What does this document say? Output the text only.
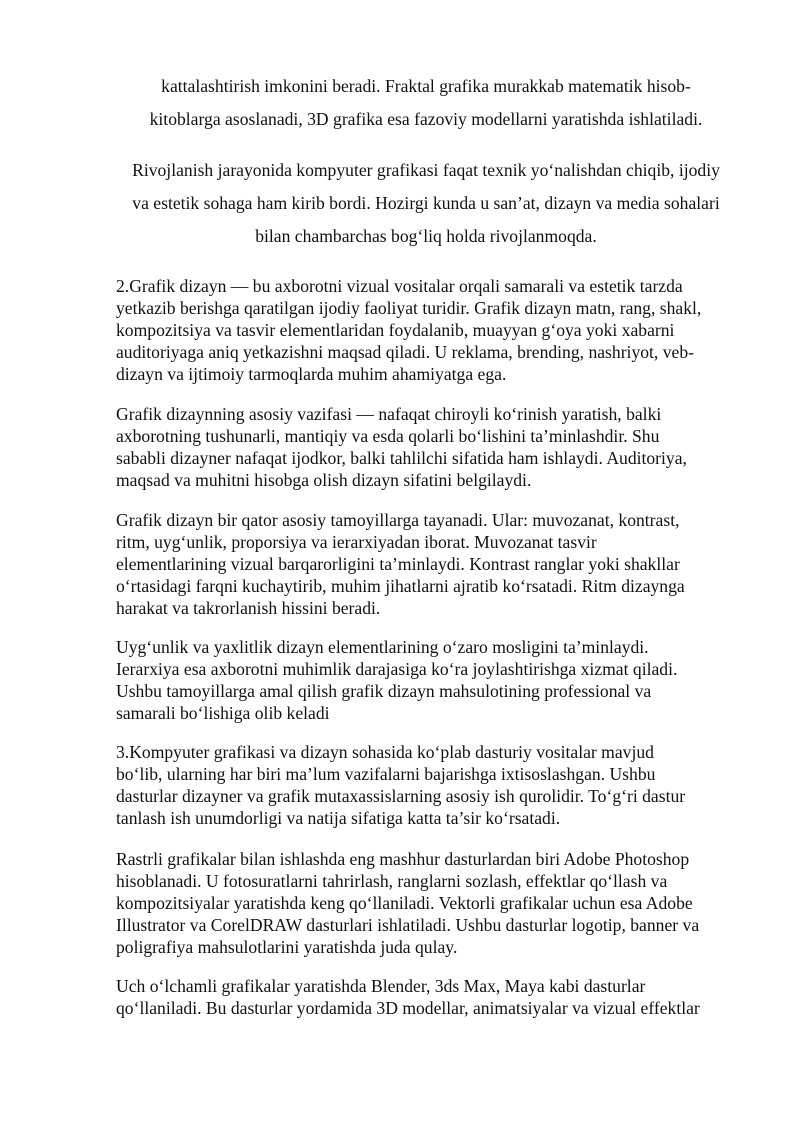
kattalashtirish imkonini beradi. Fraktal grafika murakkab matematik hisob-
kitoblarga asoslanadi, 3D grafika esa fazoviy modellarni yaratishda ishlatiladi.
Rivojlanish jarayonida kompyuter grafikasi faqat texnik yo‘nalishdan chiqib, ijodiy
va estetik sohaga ham kirib bordi. Hozirgi kunda u san’at, dizayn va media sohalari
bilan chambarchas bog‘liq holda rivojlanmoqda.
2.Grafik dizayn — bu axborotni vizual vositalar orqali samarali va estetik tarzda
yetkazib berishga qaratilgan ijodiy faoliyat turidir. Grafik dizayn matn, rang, shakl,
kompozitsiya va tasvir elementlaridan foydalanib, muayyan g‘oya yoki xabarni
auditoriyaga aniq yetkazishni maqsad qiladi. U reklama, brending, nashriyot, veb-
dizayn va ijtimoiy tarmoqlarda muhim ahamiyatga ega.
Grafik dizaynning asosiy vazifasi — nafaqat chiroyli ko‘rinish yaratish, balki
axborotning tushunarli, mantiqiy va esda qolarli bo‘lishini ta’minlashdir. Shu
sababli dizayner nafaqat ijodkor, balki tahlilchi sifatida ham ishlaydi. Auditoriya,
maqsad va muhitni hisobga olish dizayn sifatini belgilaydi.
Grafik dizayn bir qator asosiy tamoyillarga tayanadi. Ular: muvozanat, kontrast,
ritm, uyg‘unlik, proporsiya va ierarxiyadan iborat. Muvozanat tasvir
elementlarining vizual barqarorligini ta’minlaydi. Kontrast ranglar yoki shakllar
o‘rtasidagi farqni kuchaytirib, muhim jihatlarni ajratib ko‘rsatadi. Ritm dizaynga
harakat va takrorlanish hissini beradi.
Uyg‘unlik va yaxlitlik dizayn elementlarining o‘zaro mosligini ta’minlaydi.
Ierarxiya esa axborotni muhimlik darajasiga ko‘ra joylashtirishga xizmat qiladi.
Ushbu tamoyillarga amal qilish grafik dizayn mahsulotining professional va
samarali bo‘lishiga olib keladi
3.Kompyuter grafikasi va dizayn sohasida ko‘plab dasturiy vositalar mavjud
bo‘lib, ularning har biri ma’lum vazifalarni bajarishga ixtisoslashgan. Ushbu
dasturlar dizayner va grafik mutaxassislarning asosiy ish qurolidir. To‘g‘ri dastur
tanlash ish unumdorligi va natija sifatiga katta ta’sir ko‘rsatadi.
Rastrli grafikalar bilan ishlashda eng mashhur dasturlardan biri Adobe Photoshop
hisoblanadi. U fotosuratlarni tahrirlash, ranglarni sozlash, effektlar qo‘llash va
kompozitsiyalar yaratishda keng qo‘llaniladi. Vektorli grafikalar uchun esa Adobe
Illustrator va CorelDRAW dasturlari ishlatiladi. Ushbu dasturlar logotip, banner va
poligrafiya mahsulotlarini yaratishda juda qulay.
Uch o‘lchamli grafikalar yaratishda Blender, 3ds Max, Maya kabi dasturlar
qo‘llaniladi. Bu dasturlar yordamida 3D modellar, animatsiyalar va vizual effektlar
